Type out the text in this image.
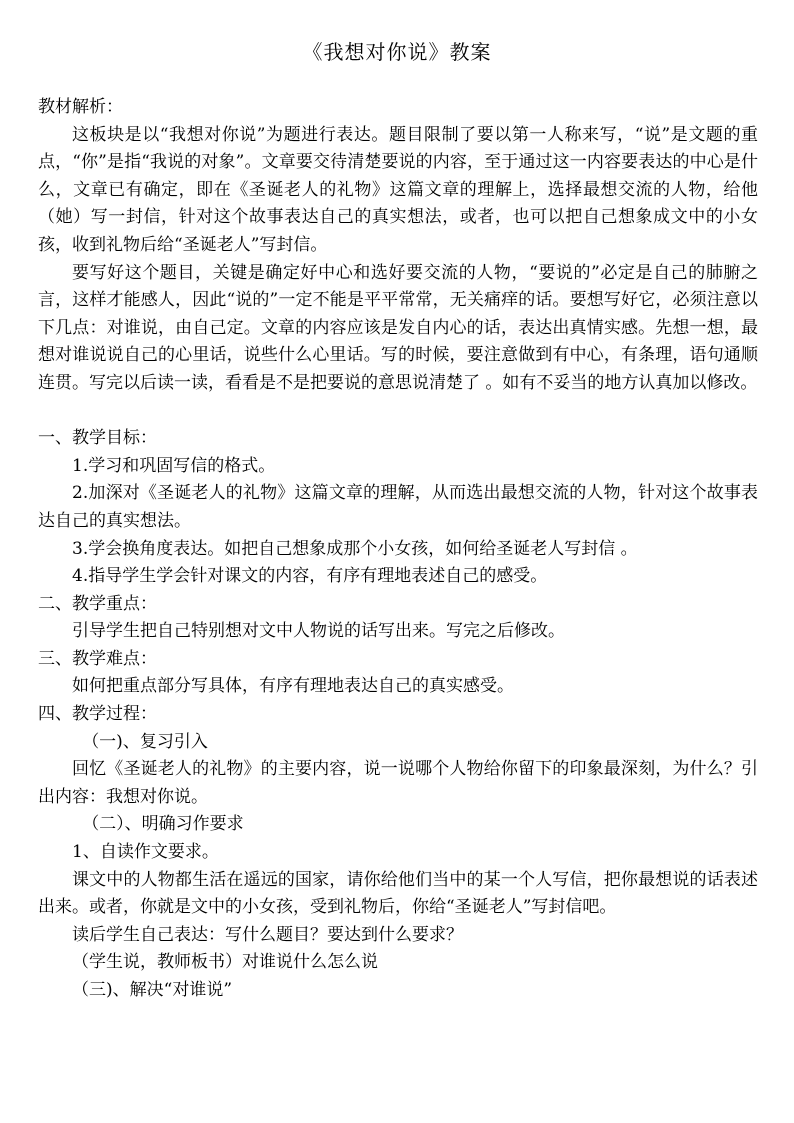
《我想对你说》教案

教材解析：

这板块是以“我想对你说”为题进行表达。题目限制了要以第一人称来写，“说”是文题的重点，“你”是指“我说的对象”。文章要交待清楚要说的内容，至于通过这一内容要表达的中心是什么，文章已有确定，即在《圣诞老人的礼物》这篇文章的理解上，选择最想交流的人物，给他（她）写一封信，针对这个故事表达自己的真实想法，或者，也可以把自己想象成文中的小女孩，收到礼物后给“圣诞老人”写封信。

要写好这个题目，关键是确定好中心和选好要交流的人物，“要说的”必定是自己的肺腑之言，这样才能感人，因此“说的”一定不能是平平常常，无关痛痒的话。要想写好它，必须注意以下几点：对谁说，由自己定。文章的内容应该是发自内心的话，表达出真情实感。先想一想，最想对谁说说自己的心里话，说些什么心里话。写的时候，要注意做到有中心，有条理，语句通顺连贯。写完以后读一读，看看是不是把要说的意思说清楚了 。如有不妥当的地方认真加以修改。

一、教学目标：

1.学习和巩固写信的格式。

2.加深对《圣诞老人的礼物》这篇文章的理解，从而选出最想交流的人物，针对这个故事表达自己的真实想法。

3.学会换角度表达。如把自己想象成那个小女孩，如何给圣诞老人写封信 。

4.指导学生学会针对课文的内容，有序有理地表述自己的感受。

二、教学重点：

引导学生把自己特别想对文中人物说的话写出来。写完之后修改。

三、教学难点：

如何把重点部分写具体，有序有理地表达自己的真实感受。

四、教学过程：

（一)、复习引入

回忆《圣诞老人的礼物》的主要内容，说一说哪个人物给你留下的印象最深刻，为什么？引出内容：我想对你说。

（二）、明确习作要求

1、自读作文要求。

课文中的人物都生活在遥远的国家，请你给他们当中的某一个人写信，把你最想说的话表述出来。或者，你就是文中的小女孩，受到礼物后，你给“圣诞老人”写封信吧。

读后学生自己表达：写什么题目？要达到什么要求？

（学生说，教师板书）对谁说什么怎么说

（三)、解决“对谁说”
